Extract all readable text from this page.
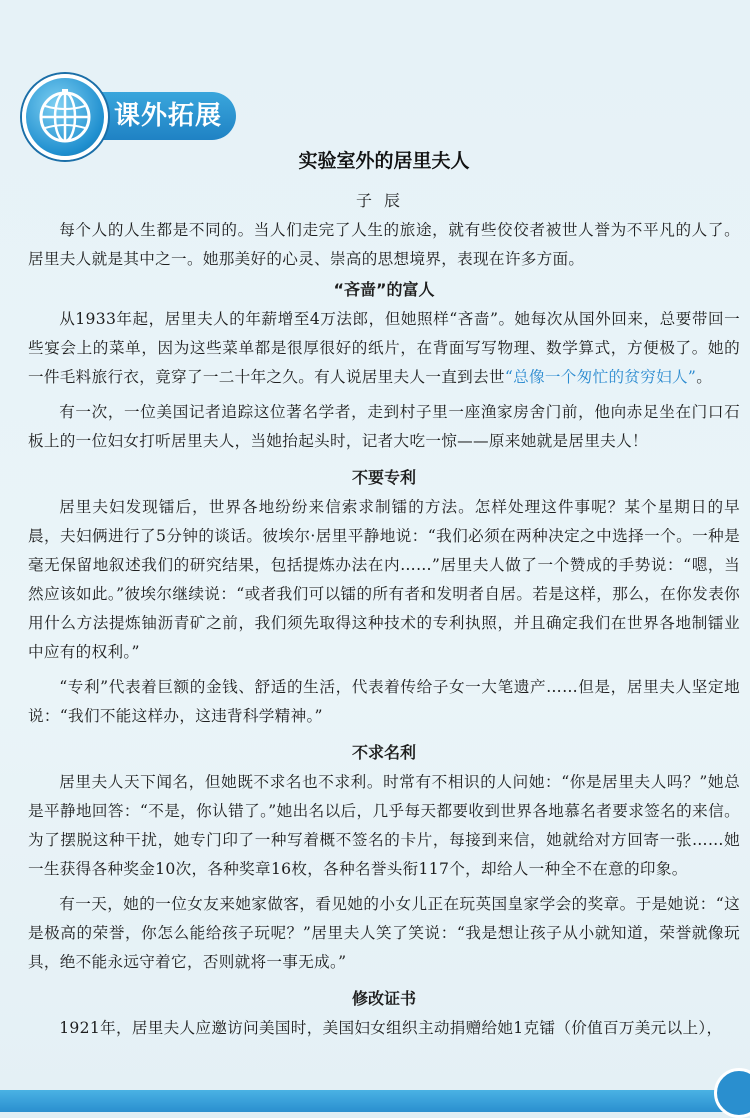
⠀
课外拓展
实验室外的居里夫人
子辰

每个人的人生都是不同的。当人们走完了人生的旅途，就有些佼佼者被世人誉为不平凡的人了。居里夫人就是其中之一。她那美好的心灵、崇高的思想境界，表现在许多方面。

“吝啬”的富人

从1933年起，居里夫人的年薪增至4万法郎，但她照样“吝啬”。她每次从国外回来，总要带回一些宴会上的菜单，因为这些菜单都是很厚很好的纸片，在背面写写物理、数学算式，方便极了。她的一件毛料旅行衣，竟穿了一二十年之久。有人说居里夫人一直到去世“总像一个匆忙的贫穷妇人”。

有一次，一位美国记者追踪这位著名学者，走到村子里一座渔家房舍门前，他向赤足坐在门口石板上的一位妇女打听居里夫人，当她抬起头时，记者大吃一惊——原来她就是居里夫人！

不要专利

居里夫妇发现镭后，世界各地纷纷来信索求制镭的方法。怎样处理这件事呢？某个星期日的早晨，夫妇俩进行了5分钟的谈话。彼埃尔·居里平静地说：“我们必须在两种决定之中选择一个。一种是毫无保留地叙述我们的研究结果，包括提炼办法在内……”居里夫人做了一个赞成的手势说：“嗯，当然应该如此。”彼埃尔继续说：“或者我们可以镭的所有者和发明者自居。若是这样，那么，在你发表你用什么方法提炼铀沥青矿之前，我们须先取得这种技术的专利执照，并且确定我们在世界各地制镭业中应有的权利。”

“专利”代表着巨额的金钱、舒适的生活，代表着传给子女一大笔遗产……但是，居里夫人坚定地说：“我们不能这样办，这违背科学精神。”

不求名利

居里夫人天下闻名，但她既不求名也不求利。时常有不相识的人问她：“你是居里夫人吗？”她总是平静地回答：“不是，你认错了。”她出名以后，几乎每天都要收到世界各地慕名者要求签名的来信。为了摆脱这种干扰，她专门印了一种写着概不签名的卡片，每接到来信，她就给对方回寄一张……她一生获得各种奖金10次，各种奖章16枚，各种名誉头衔117个，却给人一种全不在意的印象。

有一天，她的一位女友来她家做客，看见她的小女儿正在玩英国皇家学会的奖章。于是她说：“这是极高的荣誉，你怎么能给孩子玩呢？”居里夫人笑了笑说：“我是想让孩子从小就知道，荣誉就像玩具，绝不能永远守着它，否则就将一事无成。”

修改证书

1921年，居里夫人应邀访问美国时，美国妇女组织主动捐赠给她1克镭（价值百万美元以上），
